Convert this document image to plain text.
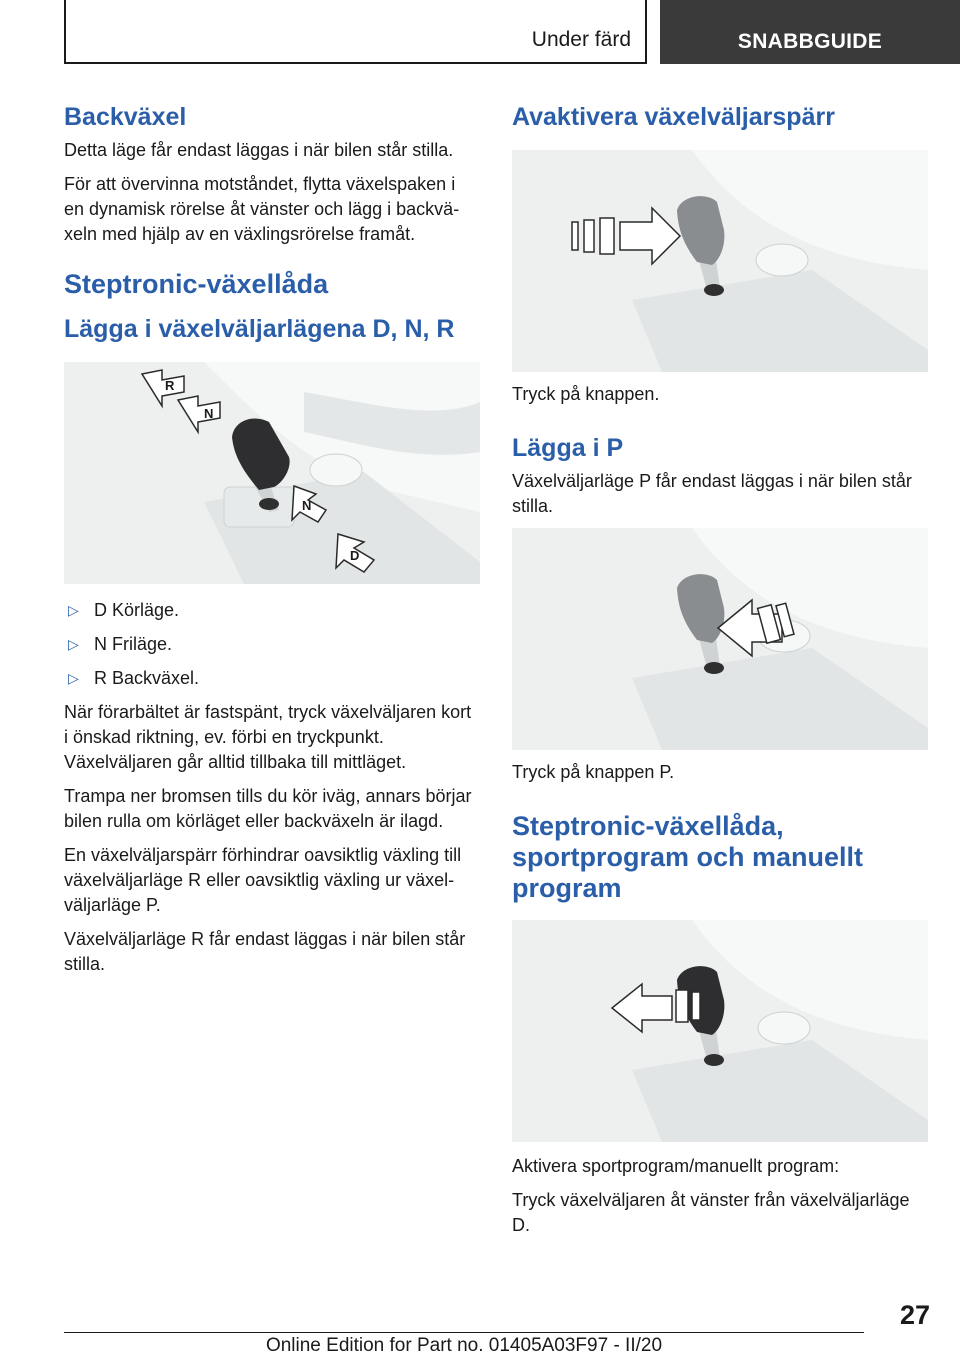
Under färd	SNABBGUIDE
Backväxel

Detta läge får endast läggas i när bilen står stilla.

För att övervinna motståndet, flytta växelspaken i en dynamisk rörelse åt vänster och lägg i backväxeln med hjälp av en växlingsrörelse framåt.

Steptronic-växellåda
Lägga i växelväljarlägena D, N, R
R
N
N
D
▷ D Körläge.
▷ N Friläge.
▷ R Backväxel.

När förarbältet är fastspänt, tryck växelväljaren kort i önskad riktning, ev. förbi en tryckpunkt. Växelväljaren går alltid tillbaka till mittläget.

Trampa ner bromsen tills du kör iväg, annars börjar bilen rulla om körläget eller backväxeln är ilagd.

En växelväljarspärr förhindrar oavsiktlig växling till växelväljarläge R eller oavsiktlig växling ur växelväljarläge P.

Växelväljarläge R får endast läggas i när bilen står stilla.

Avaktivera växelväljarspärr

Tryck på knappen.

Lägga i P

Växelväljarläge P får endast läggas i när bilen står stilla.

Tryck på knappen P.

Steptronic-växellåda, sportprogram och manuellt program

Aktivera sportprogram/manuellt program:

Tryck växelväljaren åt vänster från växelväljarläge D.

27
Online Edition for Part no. 01405A03F97 - II/20
